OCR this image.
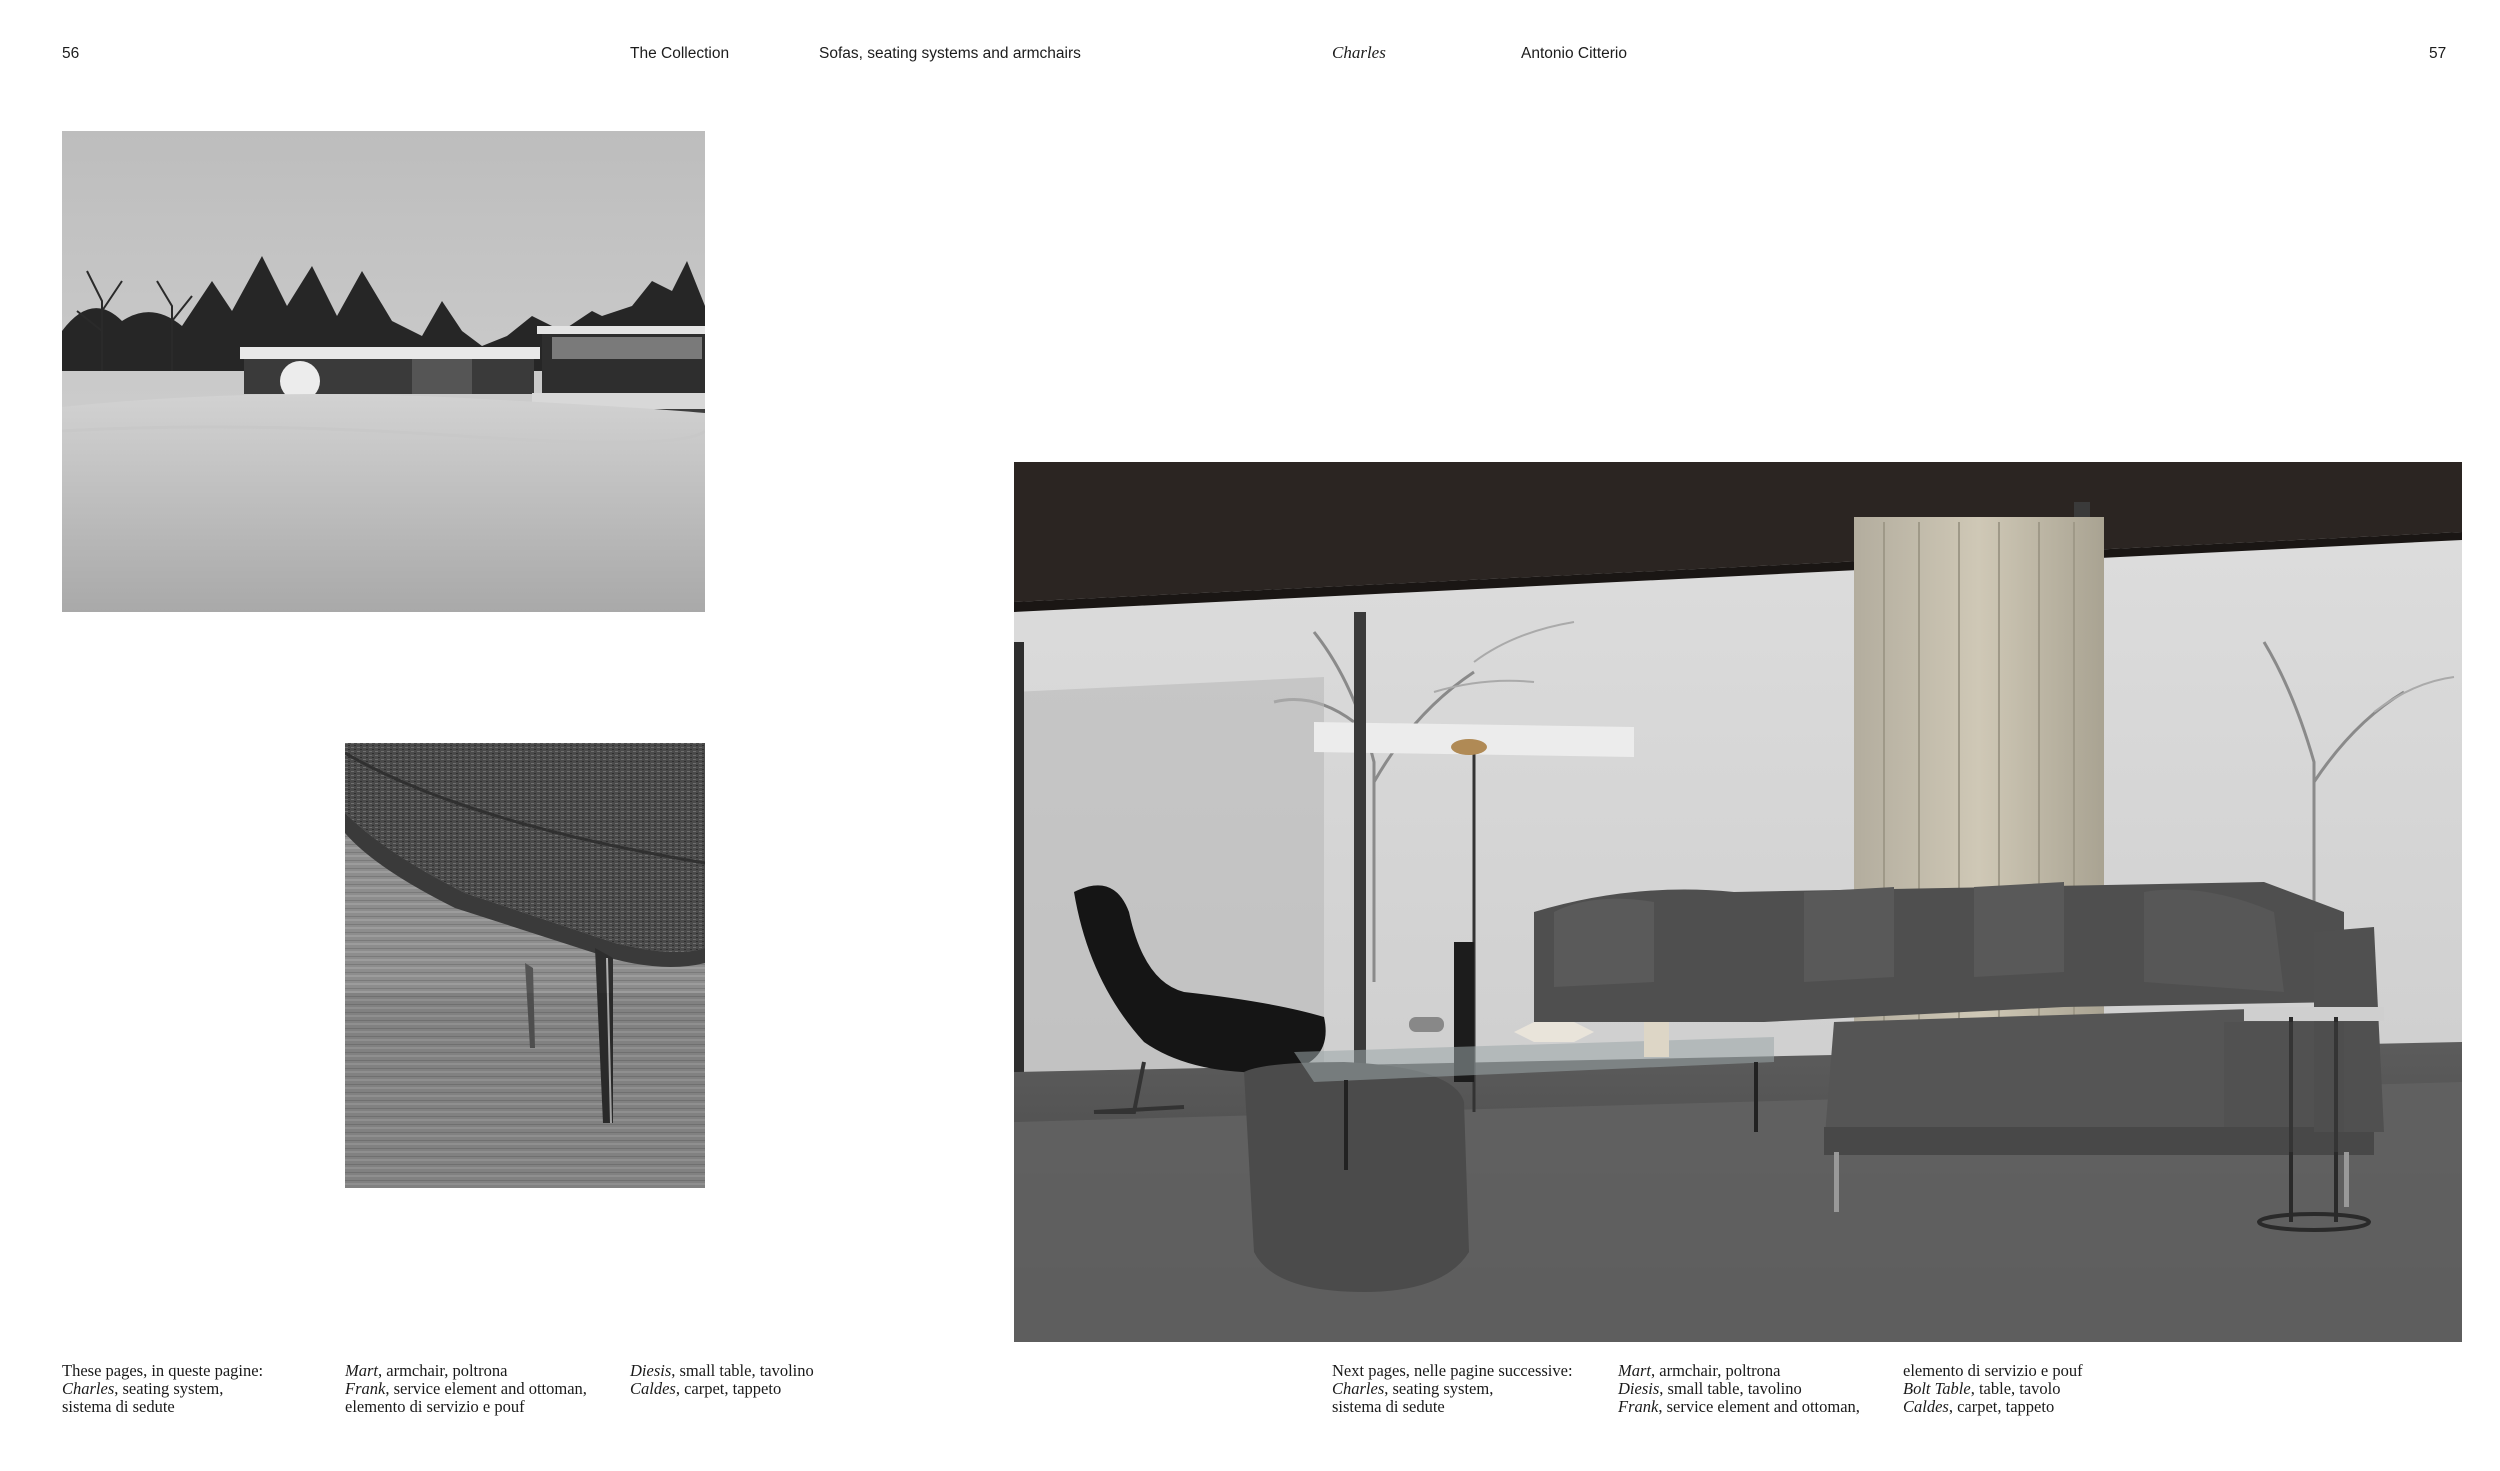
56	The Collection	Sofas, seating systems and armchairs	Charles	Antonio Citterio	57
These pages, in queste pagine:
Charles, seating system,
sistema di sedute
Mart, armchair, poltrona
Frank, service element and ottoman,
elemento di servizio e pouf
Diesis, small table, tavolino
Caldes, carpet, tappeto
Next pages, nelle pagine successive:
Charles, seating system,
sistema di sedute
Mart, armchair, poltrona
Diesis, small table, tavolino
Frank, service element and ottoman,
elemento di servizio e pouf
Bolt Table, table, tavolo
Caldes, carpet, tappeto
